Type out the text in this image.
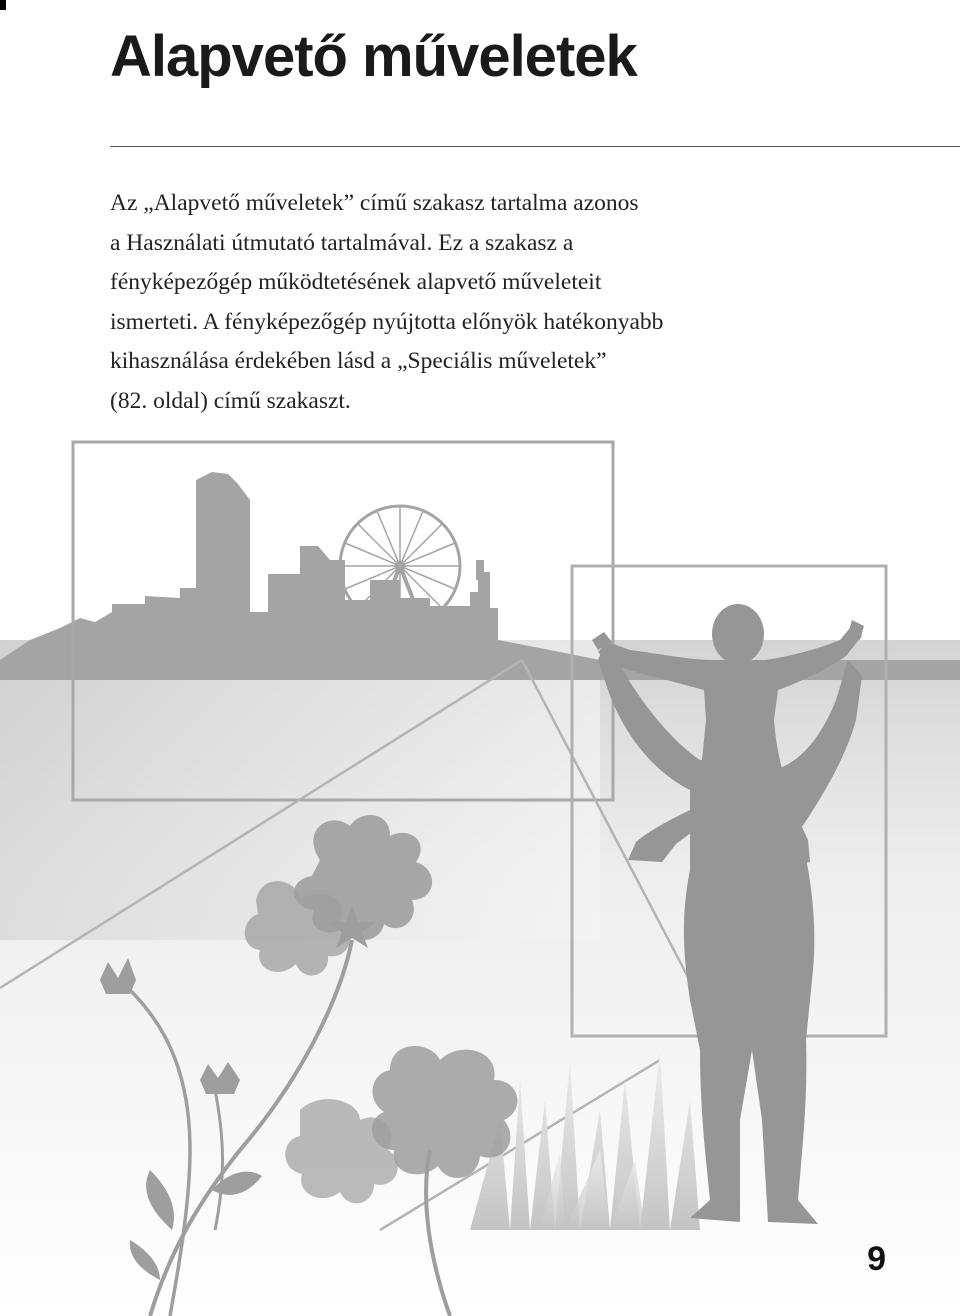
Alapvető műveletek

Az „Alapvető műveletek” című szakasz tartalma azonos
a Használati útmutató tartalmával. Ez a szakasz a
fényképezőgép működtetésének alapvető műveleteit
ismerteti. A fényképezőgép nyújtotta előnyök hatékonyabb
kihasználása érdekében lásd a „Speciális műveletek”
(82. oldal) című szakaszt.

9
